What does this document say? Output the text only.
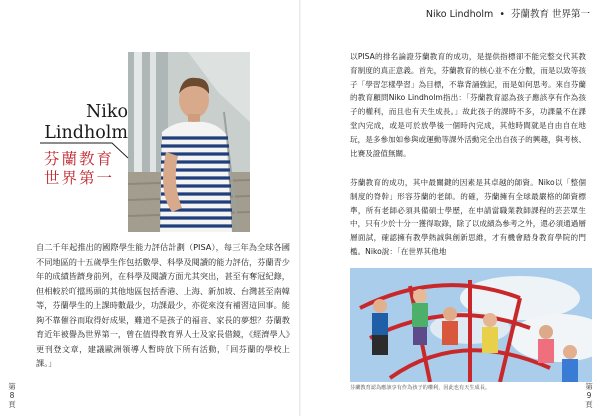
Niko Lindholm • 芬蘭教育 世界第一
Niko
Lindholm
芬蘭教育
世界第一
自二千年起推出的國際學生能力評估計劃（PISA），每三年為全球各國不同地區的十五歲學生作包括數學、科學及閱讀的能力評估，芬蘭青少年的成績皆躋身前列，在科學及閱讀方面尤其突出，甚至有奪冠紀錄，但相較於吖擋馬頭的其他地區包括香港、上海、新加坡、台灣甚至南韓等，芬蘭學生的上課時數最少，功課最少，亦從來沒有補習這回事。能夠不靠催谷而取得好成果，難道不是孩子的福音、家長的夢想？芬蘭教育近年被譽為世界第一，曾在值得教育界人士及家長借鏡，《經濟學人》更刊登文章，建議歐洲領導人暫時放下所有活動，「回芬蘭的學校上課。」
以PISA的排名論證芬蘭教育的成功，是提供指標卻不能完整交代其教育制度的真正意義。首先，芬蘭教育的核心並不在分數，而是以致等孩子「學習怎樣學習」為目標，不靠背誦強記，而是如何思考。來自芬蘭的教育顧問Niko Lindholm指出：「芬蘭教育認為孩子應該享有作為孩子的權利，而且也有天生成長。」故此孩子的課時不多，功課量不在課堂內完成，或是可於放學後一個時內完成，其他時間就是自由自在地玩，是多參加如參與或運動等課外活動完全出自孩子的興趣，與考核、比賽及證值無關。
芬蘭教育的成功，其中最關鍵的因素是其卓越的師資。Niko以「整個制度的脊幹」形容芬蘭的老師。的確，芬蘭擁有全球最嚴格的師資標準，所有老師必須具備碩士學歷，在申請當職業教師課程的芸芸眾生中，只有少於十分一獲得取錄，除了以成績為參考之外，還必須通過層層面試，確認擁有教學熱誠與創新思維，才有機會踏身教育學院的門檻。Niko說：「在世界其他地
芬蘭教育認為應該享有作為孩子的權利，因此也有天生成長。
第
8
頁
第
9
頁
